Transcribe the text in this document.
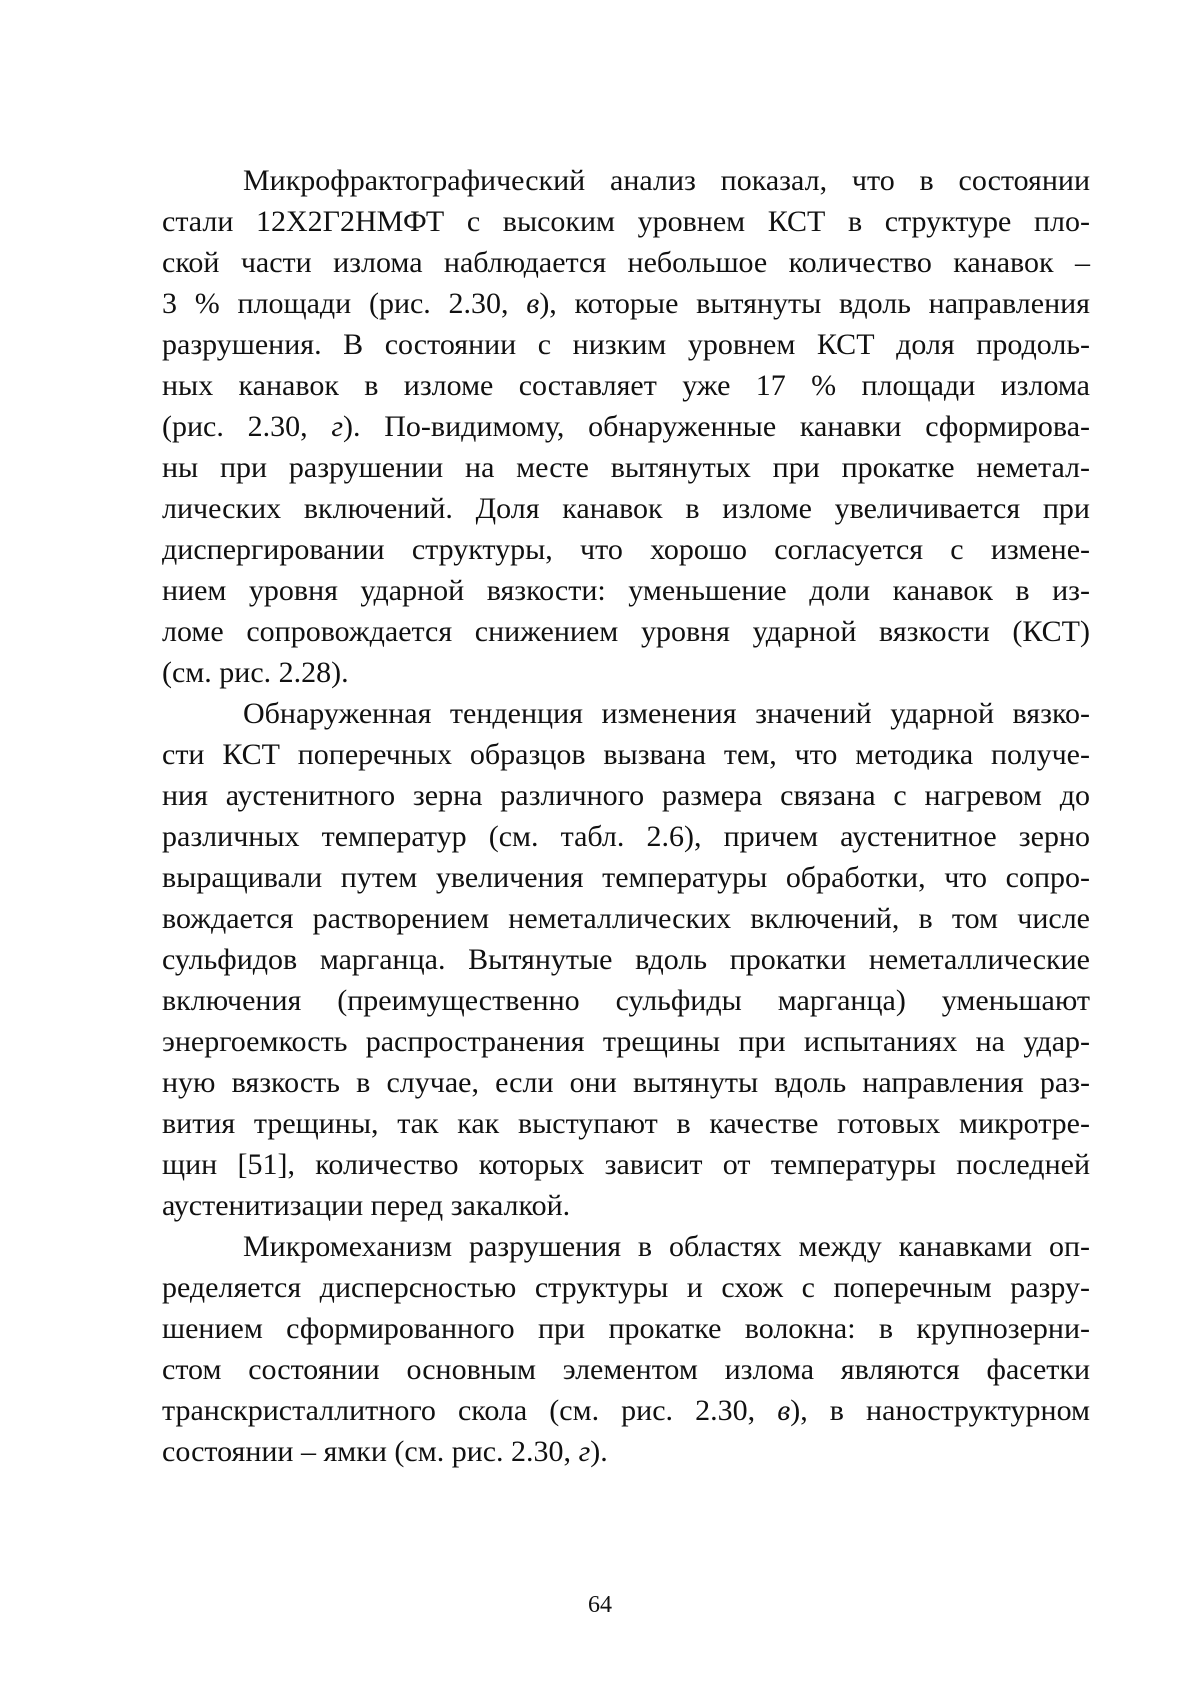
Микрофрактографический анализ показал, что в состоянии
стали 12Х2Г2НМФТ с высоким уровнем КСТ в структуре пло-
ской части излома наблюдается небольшое количество канавок –
3 % площади (рис. 2.30, в), которые вытянуты вдоль направления
разрушения. В состоянии с низким уровнем КСТ доля продоль-
ных канавок в изломе составляет уже 17 % площади излома
(рис. 2.30, г). По-видимому, обнаруженные канавки сформирова-
ны при разрушении на месте вытянутых при прокатке неметал-
лических включений. Доля канавок в изломе увеличивается при
диспергировании структуры, что хорошо согласуется с измене-
нием уровня ударной вязкости: уменьшение доли канавок в из-
ломе сопровождается снижением уровня ударной вязкости (КСТ)
(см. рис. 2.28).
Обнаруженная тенденция изменения значений ударной вязко-
сти КСТ поперечных образцов вызвана тем, что методика получе-
ния аустенитного зерна различного размера связана с нагревом до
различных температур (см. табл. 2.6), причем аустенитное зерно
выращивали путем увеличения температуры обработки, что сопро-
вождается растворением неметаллических включений, в том числе
сульфидов марганца. Вытянутые вдоль прокатки неметаллические
включения (преимущественно сульфиды марганца) уменьшают
энергоемкость распространения трещины при испытаниях на удар-
ную вязкость в случае, если они вытянуты вдоль направления раз-
вития трещины, так как выступают в качестве готовых микротре-
щин [51], количество которых зависит от температуры последней
аустенитизации перед закалкой.
Микромеханизм разрушения в областях между канавками оп-
ределяется дисперсностью структуры и схож с поперечным разру-
шением сформированного при прокатке волокна: в крупнозерни-
стом состоянии основным элементом излома являются фасетки
транскристаллитного скола (см. рис. 2.30, в), в наноструктурном
состоянии – ямки (см. рис. 2.30, г).
64
